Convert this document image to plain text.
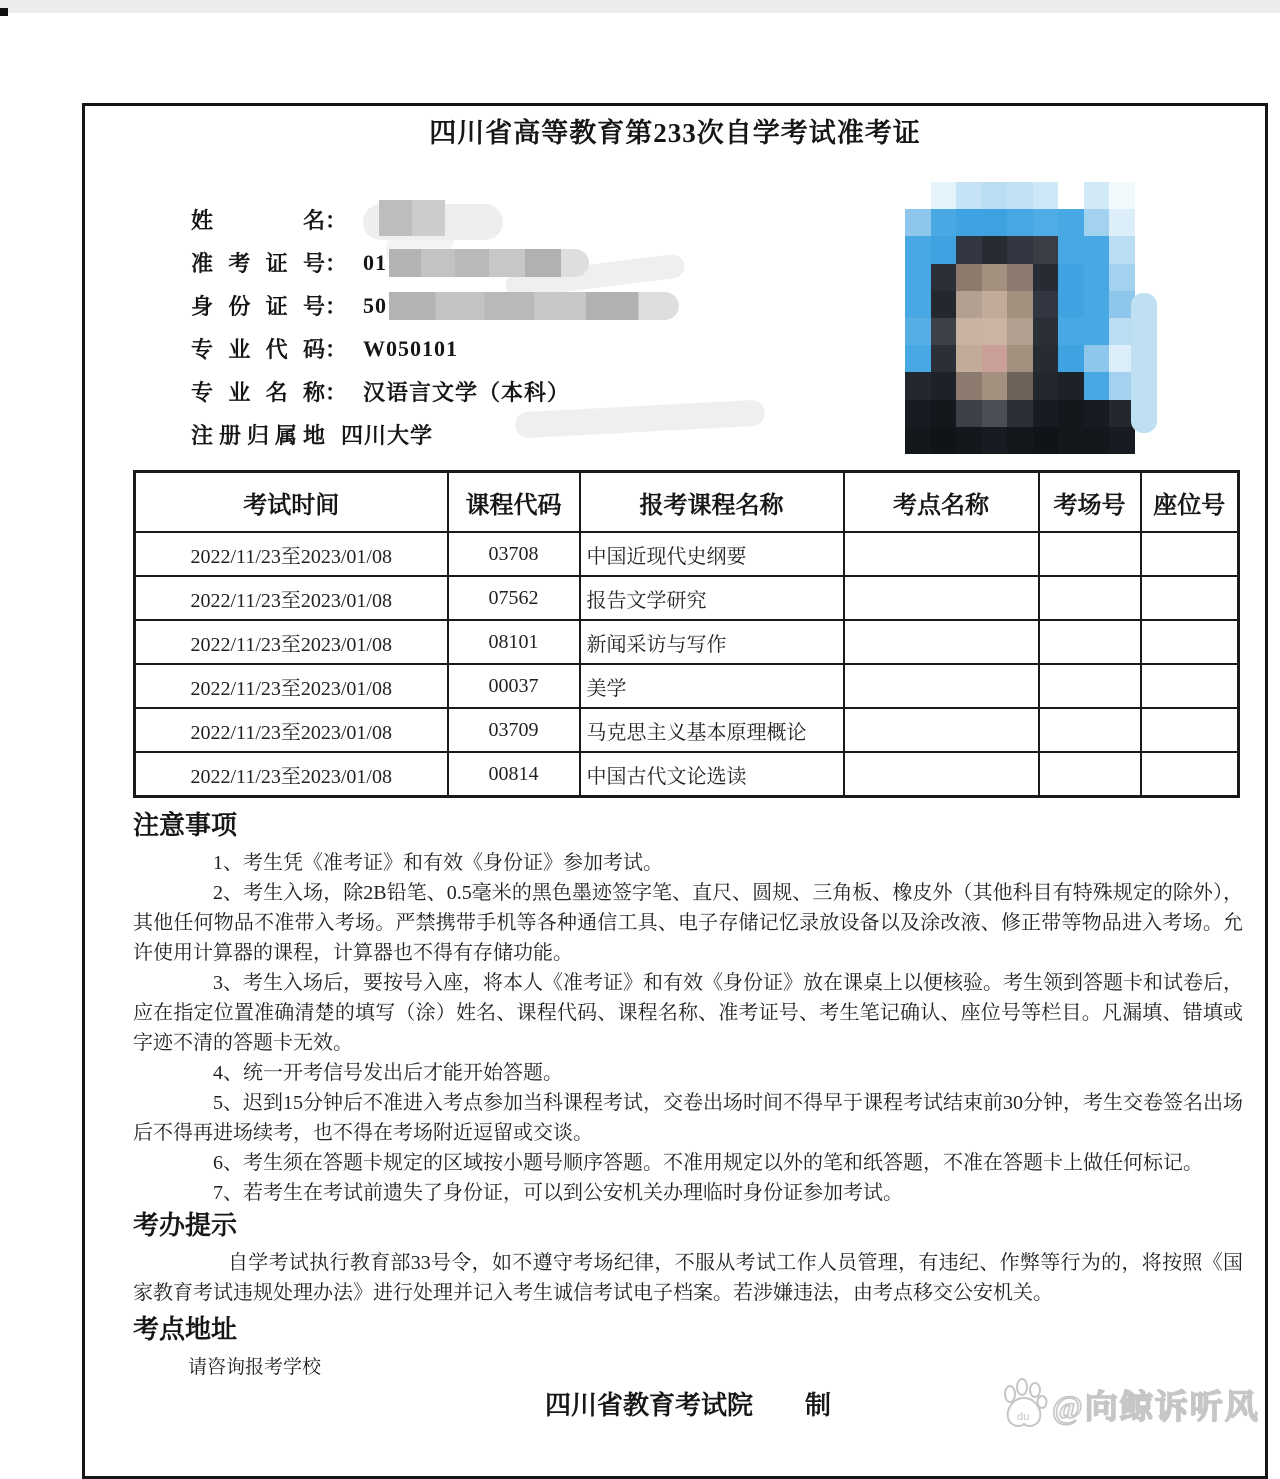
四川省高等教育第233次自学考试准考证
姓名 ：
准考证号 ： 01
身份证号 ： 50
专业代码 ： W050101
专业名称 ： 汉语言文学（本科）
注册归属地 四川大学
考试时间	课程代码	报考课程名称	考点名称	考场号	座位号
2022/11/23至2023/01/08	03708	中国近现代史纲要			
2022/11/23至2023/01/08	07562	报告文学研究			
2022/11/23至2023/01/08	08101	新闻采访与写作			
2022/11/23至2023/01/08	00037	美学			
2022/11/23至2023/01/08	03709	马克思主义基本原理概论			
2022/11/23至2023/01/08	00814	中国古代文论选读			
注意事项

1、考生凭《准考证》和有效《身份证》参加考试。

2、考生入场，除2B铅笔、0.5毫米的黑色墨迹签字笔、直尺、圆规、三角板、橡皮外（其他科目有特殊规定的除外），其他任何物品不准带入考场。严禁携带手机等各种通信工具、电子存储记忆录放设备以及涂改液、修正带等物品进入考场。允许使用计算器的课程，计算器也不得有存储功能。

3、考生入场后，要按号入座，将本人《准考证》和有效《身份证》放在课桌上以便核验。考生领到答题卡和试卷后，应在指定位置准确清楚的填写（涂）姓名、课程代码、课程名称、准考证号、考生笔记确认、座位号等栏目。凡漏填、错填或字迹不清的答题卡无效。

4、统一开考信号发出后才能开始答题。

5、迟到15分钟后不准进入考点参加当科课程考试，交卷出场时间不得早于课程考试结束前30分钟，考生交卷签名出场后不得再进场续考，也不得在考场附近逗留或交谈。

6、考生须在答题卡规定的区域按小题号顺序答题。不准用规定以外的笔和纸答题，不准在答题卡上做任何标记。

7、若考生在考试前遗失了身份证，可以到公安机关办理临时身份证参加考试。

考办提示

自学考试执行教育部33号令，如不遵守考场纪律，不服从考试工作人员管理，有违纪、作弊等行为的，将按照《国家教育考试违规处理办法》进行处理并记入考生诚信考试电子档案。若涉嫌违法，由考点移交公安机关。

考点地址

请咨询报考学校

四川省教育考试院　　制	du @向鲸诉听风
